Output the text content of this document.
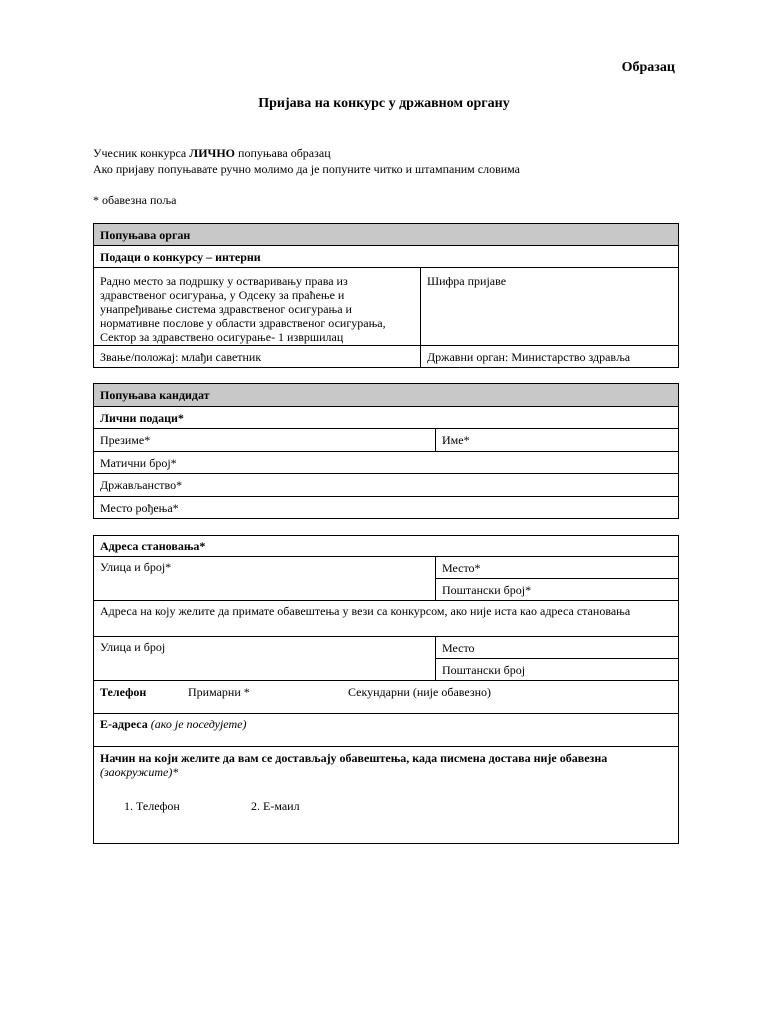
Образац
Пријава на конкурс у државном органу
Учесник конкурса ЛИЧНО попуњава образац
Ако пријаву попуњавате ручно молимо да је попуните читко и штампаним словима
* обавезна поља
Попуњава орган	
Подаци о конкурсу – интерни	
Радно место за подршку у остваривању права из здравственог осигурања, у Одсеку за праћење и унапређивање система здравственог осигурања и нормативне послове у области здравственог осигурања, Сектор за здравствено осигурање- 1 извршилац	Шифра пријаве
Звање/положај: млађи саветник	Државни орган: Министарство здравља
Попуњава кандидат
Лични подаци*
Презиме*	Име*
Матични број*
Држављанство*
Место рођења*
Адреса становања*	
Улица и број*	Место*
	Поштански број*
Адреса на коју желите да примате обавештења у вези са конкурсом, ако није иста као адреса становања	
Улица и број	Место
	Поштански број
Телефон Примарни * Секундарни (није обавезно)	

Е-адреса (ако је поседујете)	

Начин на који желите да вам се достављају обавештења, када писмена достава није обавезна
(заокружите)*
1. Телефон 2. Е-маил	
